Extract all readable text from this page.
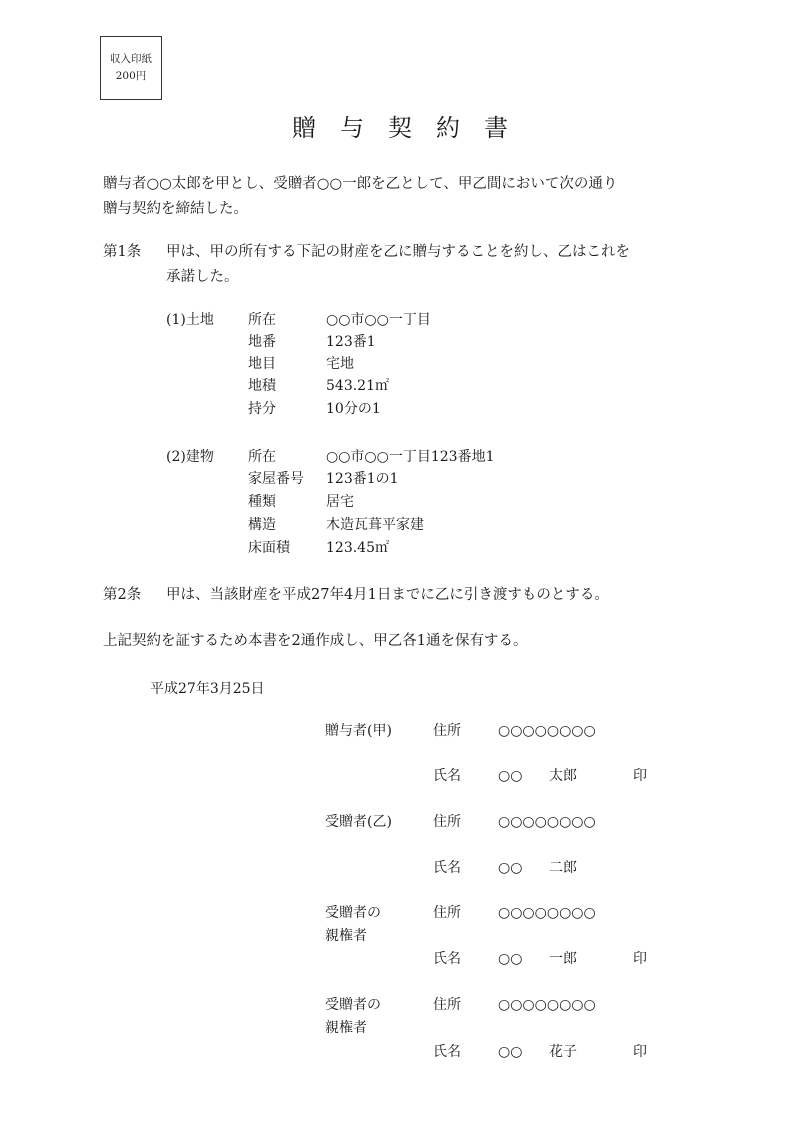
収入印紙
200円
贈与契約書
贈与者○○太郎を甲とし、受贈者○○一郎を乙として、甲乙間において次の通り
贈与契約を締結した。
第1条 甲は、甲の所有する下記の財産を乙に贈与することを約し、乙はこれを
承諾した。
(1)土地 所在	○○市○○一丁目
地番	123番1
地目	宅地
地積	543.21㎡
持分	10分の1
(2)建物 所在	○○市○○一丁目123番地1
家屋番号 123番1の1
種類	居宅
構造	木造瓦葺平家建
床面積	123.45㎡
第2条 甲は、当該財産を平成27年4月1日までに乙に引き渡すものとする。
上記契約を証するため本書を2通作成し、甲乙各1通を保有する。
平成27年3月25日
贈与者(甲)	住所	○○○○○○○○
氏名	○○ 太郎	印
受贈者(乙)	住所	○○○○○○○○
氏名	○○ 二郎
受贈者の	住所	○○○○○○○○
親権者
氏名	○○ 一郎	印
受贈者の	住所	○○○○○○○○
親権者
氏名	○○ 花子	印
